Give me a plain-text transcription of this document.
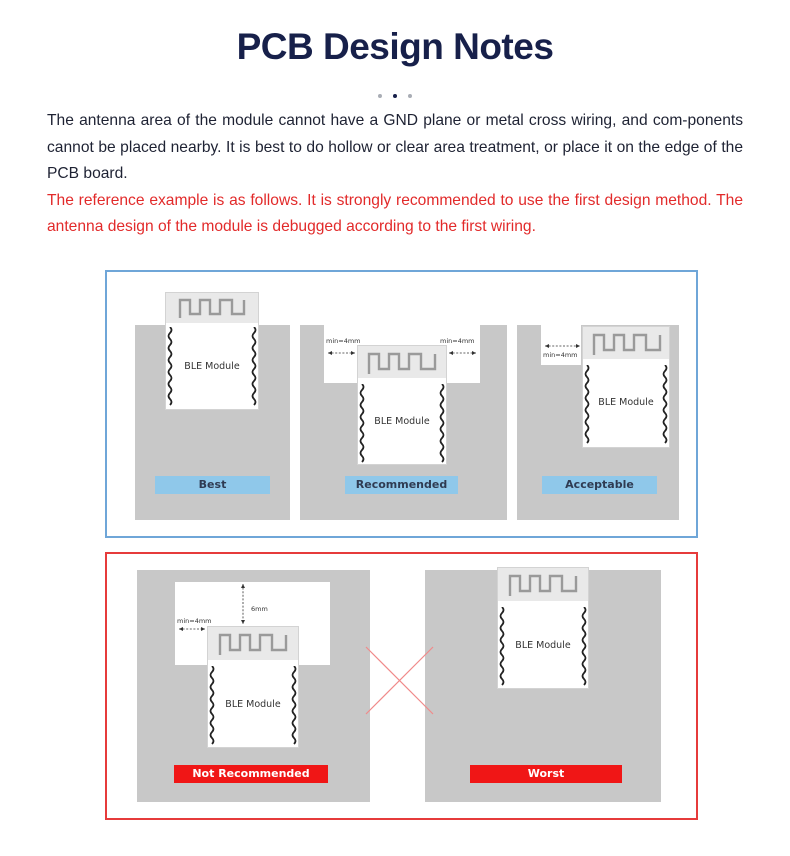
PCB Design Notes

The antenna area of the module cannot have a GND plane or metal cross wiring, and com-ponents cannot be placed nearby. It is best to do hollow or clear area treatment, or place it on the edge of the PCB board.

The reference example is as follows. It is strongly recommended to use the first design method. The antenna design of the module is debugged according to the first wiring.

BLE Module
Best
BLE Module
min=4mm	min=4mm
Recommended
BLE Module
min=4mm
Acceptable
BLE Module
min=4mm
6mm
Not Recommended
BLE Module
Worst
